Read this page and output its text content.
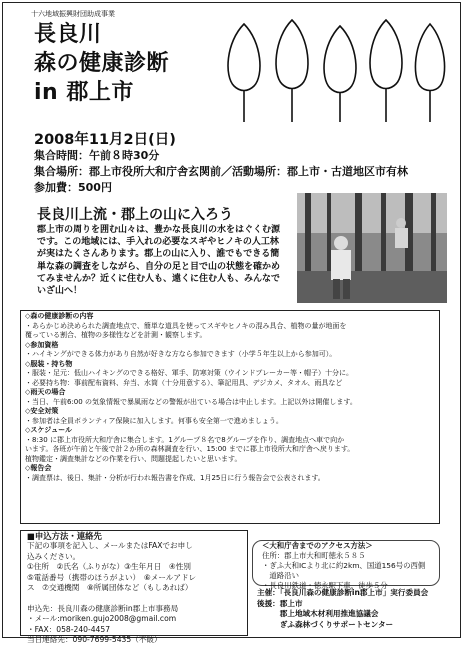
十六地域振興財団助成事業
長良川
森の健康診断
in 郡上市
2008年11月2日(日)
集合時間：午前８時30分
集合場所：郡上市役所大和庁舎玄関前／活動場所：郡上市・古道地区市有林
参加費：500円
長良川上流・郡上の山に入ろう
郡上市の周りを囲む山々は、豊かな長良川の水をはぐくむ源です。この地域には、手入れの必要なスギやヒノキの人工林が実はたくさんあります。郡上の山に入り、誰でもできる簡単な森の調査をしながら、自分の足と目で山の状態を確かめてみませんか？近くに住む人も、遠くに住む人も、みんなでいざ山へ！
◇森の健康診断の内容
・あらかじめ決められた調査地点で、簡単な道具を使ってスギやヒノキの混み具合、植物の量が地面を
覆っている割合、植物の多様性などを計測・観察します。
◇参加資格
・ハイキングができる体力があり自然が好きな方なら参加できます（小学５年生以上から参加可）。
◇服装・持ち物
・服装・足元：低山ハイキングのできる格好、軍手、防寒対策（ウインドブレーカー等・帽子）十分に。
・必要持ち物：事前配布資料、弁当、水筒（十分用意する）、筆記用具、デジカメ、タオル、雨具など
◇雨天の場合
・当日、午前6:00 の気象情報で暴風雨などの警報が出ている場合は中止します。上記以外は開催します。
◇安全対策
・参加者は全員ボランティア保険に加入します。何事も安全第一で進めましょう。
◇スケジュール
・8:30 に郡上市役所大和庁舎に集合します。1グループ８名で8グループを作り、調査地点へ車で向か
います。各班が午前と午後で計２か所の森林調査を行い、15:00 までに郡上市役所大和庁舎へ戻ります。
植物鑑定・調査集計などの作業を行い、問題提起したいと思います。
◇報告会
・調査票は、後日、集計・分析が行われ報告書を作成、1月25日に行う報告会で公表されます。
■申込方法・連絡先
下記の事項を記入し、メールまたはFAXでお申し
込みください。
①住所　②氏名（ふりがな）③生年月日　④性別
⑤電話番号（携帯のほうがよい）　⑥メールアドレ
ス　⑦交通機関　⑧所属団体など（もしあれば）

申込先：長良川森の健康診断in郡上市事務局
・メール:moriken.gujo2008@gmail.com
・FAX：058-240-4457
当日連絡先：090-7699-5435（不破）
＜大和庁舎までのアクセス方法＞
住所：郡上市大和町徳永５８５
・ぎふ大和ICより北に約2km、国道156号の西側
　道路沿い
・長良川鉄道・徳永駅下車、徒歩５分
主催：「長良川森の健康診断in郡上市」実行委員会
後援：郡上市
　　　郡上地域木材利用推進協議会
　　　ぎふ森林づくりサポートセンター
